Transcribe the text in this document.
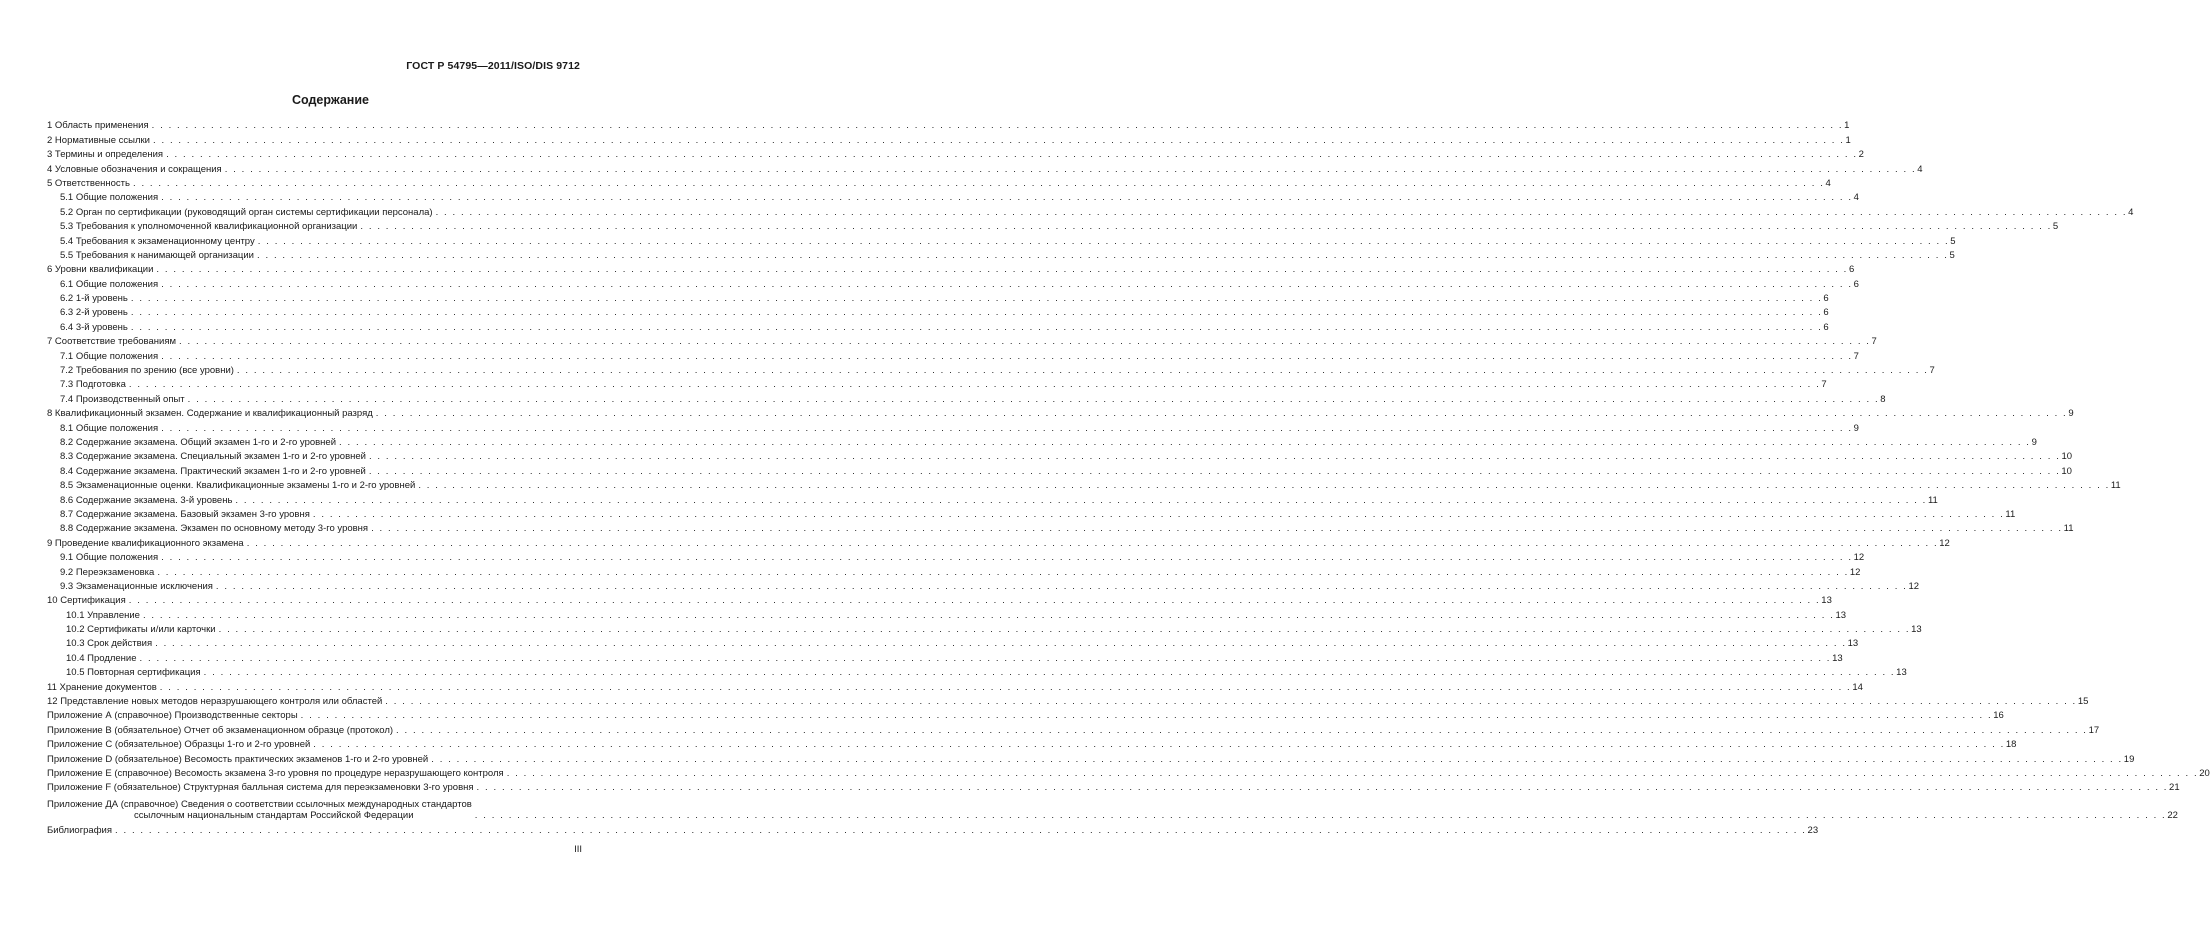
ГОСТ Р 54795—2011/ISO/DIS 9712
Содержание
1 Область применения . . . . . . . . . . . . . . . . . . . . . . . . . . . . . . . . . . . . . . . . . . . . . . . . . . . . . . . . . . . . . . . . . . . . . . . . . . . . . . . . . . . . . . . . . . . . . . . . . . . . . . . . . . . . . . . . . . . . . . . . . . . . . . . . . . . . . . . . . . . . . . . . . . . . . . . . . . . . . . . . . . . . . . . . . . . . . . . . . . . . . . . . . . . . . . . . . . . . . . . . 1
2 Нормативные ссылки . . . . . . . . . . . . . . . . . . . . . . . . . . . . . . . . . . . . . . . . . . . . . . . . . . . . . . . . . . . . . . . . . . . . . . . . . . . . . . . . . . . . . . . . . . . . . . . . . . . . . . . . . . . . . . . . . . . . . . . . . . . . . . . . . . . . . . . . . . . . . . . . . . . . . . . . . . . . . . . . . . . . . . . . . . . . . . . . . . . . . . . . . . . . . . . . . . . . . . . . 1
3 Термины и определения . . . . . . . . . . . . . . . . . . . . . . . . . . . . . . . . . . . . . . . . . . . . . . . . . . . . . . . . . . . . . . . . . . . . . . . . . . . . . . . . . . . . . . . . . . . . . . . . . . . . . . . . . . . . . . . . . . . . . . . . . . . . . . . . . . . . . . . . . . . . . . . . . . . . . . . . . . . . . . . . . . . . . . . . . . . . . . . . . . . . . . . . . . . . . . . . . . . . . . . . 2
4 Условные обозначения и сокращения . . . . . . . . . . . . . . . . . . . . . . . . . . . . . . . . . . . . . . . . . . . . . . . . . . . . . . . . . . . . . . . . . . . . . . . . . . . . . . . . . . . . . . . . . . . . . . . . . . . . . . . . . . . . . . . . . . . . . . . . . . . . . . . . . . . . . . . . . . . . . . . . . . . . . . . . . . . . . . . . . . . . . . . . . . . . . . . . . . . . . . . . . . . . . . . . . . . . . . . . 4
5 Ответственность . . . . . . . . . . . . . . . . . . . . . . . . . . . . . . . . . . . . . . . . . . . . . . . . . . . . . . . . . . . . . . . . . . . . . . . . . . . . . . . . . . . . . . . . . . . . . . . . . . . . . . . . . . . . . . . . . . . . . . . . . . . . . . . . . . . . . . . . . . . . . . . . . . . . . . . . . . . . . . . . . . . . . . . . . . . . . . . . . . . . . . . . . . . . . . . . . . . . . . . . 4
5.1 Общие положения . . . . . . . . . . . . . . . . . . . . . . . . . . . . . . . . . . . . . . . . . . . . . . . . . . . . . . . . . . . . . . . . . . . . . . . . . . . . . . . . . . . . . . . . . . . . . . . . . . . . . . . . . . . . . . . . . . . . . . . . . . . . . . . . . . . . . . . . . . . . . . . . . . . . . . . . . . . . . . . . . . . . . . . . . . . . . . . . . . . . . . . . . . . . . . . . . . . . . . . . 4
5.2 Орган по сертификации (руководящий орган системы сертификации персонала) . . . . . . . . . . . . . . . . . . . . . . . . . . . . . . . . . . . . . . . . . . . . . . . . . . . . . . . . . . . . . . . . . . . . . . . . . . . . . . . . . . . . . . . . . . . . . . . . . . . . . . . . . . . . . . . . . . . . . . . . . . . . . . . . . . . . . . . . . . . . . . . . . . . . . . . . . . . . . . . . . . . . . . . . . . . . . . . . . . . . . . . . . . . . . . . . . . . . . . . . 4
5.3 Требования к уполномоченной квалификационной организации . . . . . . . . . . . . . . . . . . . . . . . . . . . . . . . . . . . . . . . . . . . . . . . . . . . . . . . . . . . . . . . . . . . . . . . . . . . . . . . . . . . . . . . . . . . . . . . . . . . . . . . . . . . . . . . . . . . . . . . . . . . . . . . . . . . . . . . . . . . . . . . . . . . . . . . . . . . . . . . . . . . . . . . . . . . . . . . . . . . . . . . . . . . . . . . . . . . . . . . . 5
5.4 Требования к экзаменационному центру . . . . . . . . . . . . . . . . . . . . . . . . . . . . . . . . . . . . . . . . . . . . . . . . . . . . . . . . . . . . . . . . . . . . . . . . . . . . . . . . . . . . . . . . . . . . . . . . . . . . . . . . . . . . . . . . . . . . . . . . . . . . . . . . . . . . . . . . . . . . . . . . . . . . . . . . . . . . . . . . . . . . . . . . . . . . . . . . . . . . . . . . . . . . . . . . . . . . . . . . 5
5.5 Требования к нанимающей организации . . . . . . . . . . . . . . . . . . . . . . . . . . . . . . . . . . . . . . . . . . . . . . . . . . . . . . . . . . . . . . . . . . . . . . . . . . . . . . . . . . . . . . . . . . . . . . . . . . . . . . . . . . . . . . . . . . . . . . . . . . . . . . . . . . . . . . . . . . . . . . . . . . . . . . . . . . . . . . . . . . . . . . . . . . . . . . . . . . . . . . . . . . . . . . . . . . . . . . . . 5
6 Уровни квалификации . . . . . . . . . . . . . . . . . . . . . . . . . . . . . . . . . . . . . . . . . . . . . . . . . . . . . . . . . . . . . . . . . . . . . . . . . . . . . . . . . . . . . . . . . . . . . . . . . . . . . . . . . . . . . . . . . . . . . . . . . . . . . . . . . . . . . . . . . . . . . . . . . . . . . . . . . . . . . . . . . . . . . . . . . . . . . . . . . . . . . . . . . . . . . . . . . . . . . . . . 6
6.1 Общие положения . . . . . . . . . . . . . . . . . . . . . . . . . . . . . . . . . . . . . . . . . . . . . . . . . . . . . . . . . . . . . . . . . . . . . . . . . . . . . . . . . . . . . . . . . . . . . . . . . . . . . . . . . . . . . . . . . . . . . . . . . . . . . . . . . . . . . . . . . . . . . . . . . . . . . . . . . . . . . . . . . . . . . . . . . . . . . . . . . . . . . . . . . . . . . . . . . . . . . . . . 6
6.2 1-й уровень . . . . . . . . . . . . . . . . . . . . . . . . . . . . . . . . . . . . . . . . . . . . . . . . . . . . . . . . . . . . . . . . . . . . . . . . . . . . . . . . . . . . . . . . . . . . . . . . . . . . . . . . . . . . . . . . . . . . . . . . . . . . . . . . . . . . . . . . . . . . . . . . . . . . . . . . . . . . . . . . . . . . . . . . . . . . . . . . . . . . . . . . . . . . . . . . . . . . . . . . 6
6.3 2-й уровень . . . . . . . . . . . . . . . . . . . . . . . . . . . . . . . . . . . . . . . . . . . . . . . . . . . . . . . . . . . . . . . . . . . . . . . . . . . . . . . . . . . . . . . . . . . . . . . . . . . . . . . . . . . . . . . . . . . . . . . . . . . . . . . . . . . . . . . . . . . . . . . . . . . . . . . . . . . . . . . . . . . . . . . . . . . . . . . . . . . . . . . . . . . . . . . . . . . . . . . . 6
6.4 3-й уровень . . . . . . . . . . . . . . . . . . . . . . . . . . . . . . . . . . . . . . . . . . . . . . . . . . . . . . . . . . . . . . . . . . . . . . . . . . . . . . . . . . . . . . . . . . . . . . . . . . . . . . . . . . . . . . . . . . . . . . . . . . . . . . . . . . . . . . . . . . . . . . . . . . . . . . . . . . . . . . . . . . . . . . . . . . . . . . . . . . . . . . . . . . . . . . . . . . . . . . . . 6
7 Соответствие требованиям . . . . . . . . . . . . . . . . . . . . . . . . . . . . . . . . . . . . . . . . . . . . . . . . . . . . . . . . . . . . . . . . . . . . . . . . . . . . . . . . . . . . . . . . . . . . . . . . . . . . . . . . . . . . . . . . . . . . . . . . . . . . . . . . . . . . . . . . . . . . . . . . . . . . . . . . . . . . . . . . . . . . . . . . . . . . . . . . . . . . . . . . . . . . . . . . . . . . . . . . 7
7.1 Общие положения . . . . . . . . . . . . . . . . . . . . . . . . . . . . . . . . . . . . . . . . . . . . . . . . . . . . . . . . . . . . . . . . . . . . . . . . . . . . . . . . . . . . . . . . . . . . . . . . . . . . . . . . . . . . . . . . . . . . . . . . . . . . . . . . . . . . . . . . . . . . . . . . . . . . . . . . . . . . . . . . . . . . . . . . . . . . . . . . . . . . . . . . . . . . . . . . . . . . . . . . 7
7.2 Требования по зрению (все уровни) . . . . . . . . . . . . . . . . . . . . . . . . . . . . . . . . . . . . . . . . . . . . . . . . . . . . . . . . . . . . . . . . . . . . . . . . . . . . . . . . . . . . . . . . . . . . . . . . . . . . . . . . . . . . . . . . . . . . . . . . . . . . . . . . . . . . . . . . . . . . . . . . . . . . . . . . . . . . . . . . . . . . . . . . . . . . . . . . . . . . . . . . . . . . . . . . . . . . . . . . 7
7.3 Подготовка . . . . . . . . . . . . . . . . . . . . . . . . . . . . . . . . . . . . . . . . . . . . . . . . . . . . . . . . . . . . . . . . . . . . . . . . . . . . . . . . . . . . . . . . . . . . . . . . . . . . . . . . . . . . . . . . . . . . . . . . . . . . . . . . . . . . . . . . . . . . . . . . . . . . . . . . . . . . . . . . . . . . . . . . . . . . . . . . . . . . . . . . . . . . . . . . . . . . . . . . 7
7.4 Производственный опыт . . . . . . . . . . . . . . . . . . . . . . . . . . . . . . . . . . . . . . . . . . . . . . . . . . . . . . . . . . . . . . . . . . . . . . . . . . . . . . . . . . . . . . . . . . . . . . . . . . . . . . . . . . . . . . . . . . . . . . . . . . . . . . . . . . . . . . . . . . . . . . . . . . . . . . . . . . . . . . . . . . . . . . . . . . . . . . . . . . . . . . . . . . . . . . . . . . . . . . . . 8
8 Квалификационный экзамен. Содержание и квалификационный разряд . . . . . . . . . . . . . . . . . . . . . . . . . . . . . . . . . . . . . . . . . . . . . . . . . . . . . . . . . . . . . . . . . . . . . . . . . . . . . . . . . . . . . . . . . . . . . . . . . . . . . . . . . . . . . . . . . . . . . . . . . . . . . . . . . . . . . . . . . . . . . . . . . . . . . . . . . . . . . . . . . . . . . . . . . . . . . . . . . . . . . . . . . . . . . . . . . . . . . . . . 9
8.1 Общие положения . . . . . . . . . . . . . . . . . . . . . . . . . . . . . . . . . . . . . . . . . . . . . . . . . . . . . . . . . . . . . . . . . . . . . . . . . . . . . . . . . . . . . . . . . . . . . . . . . . . . . . . . . . . . . . . . . . . . . . . . . . . . . . . . . . . . . . . . . . . . . . . . . . . . . . . . . . . . . . . . . . . . . . . . . . . . . . . . . . . . . . . . . . . . . . . . . . . . . . . . 9
8.2 Содержание экзамена. Общий экзамен 1-го и 2-го уровней . . . . . . . . . . . . . . . . . . . . . . . . . . . . . . . . . . . . . . . . . . . . . . . . . . . . . . . . . . . . . . . . . . . . . . . . . . . . . . . . . . . . . . . . . . . . . . . . . . . . . . . . . . . . . . . . . . . . . . . . . . . . . . . . . . . . . . . . . . . . . . . . . . . . . . . . . . . . . . . . . . . . . . . . . . . . . . . . . . . . . . . . . . . . . . . . . . . . . . . . 9
8.3 Содержание экзамена. Специальный экзамен 1-го и 2-го уровней . . . . . . . . . . . . . . . . . . . . . . . . . . . . . . . . . . . . . . . . . . . . . . . . . . . . . . . . . . . . . . . . . . . . . . . . . . . . . . . . . . . . . . . . . . . . . . . . . . . . . . . . . . . . . . . . . . . . . . . . . . . . . . . . . . . . . . . . . . . . . . . . . . . . . . . . . . . . . . . . . . . . . . . . . . . . . . . . . . . . . . . . . . . . . . . . . . . . . . . . 10
8.4 Содержание экзамена. Практический экзамен 1-го и 2-го уровней . . . . . . . . . . . . . . . . . . . . . . . . . . . . . . . . . . . . . . . . . . . . . . . . . . . . . . . . . . . . . . . . . . . . . . . . . . . . . . . . . . . . . . . . . . . . . . . . . . . . . . . . . . . . . . . . . . . . . . . . . . . . . . . . . . . . . . . . . . . . . . . . . . . . . . . . . . . . . . . . . . . . . . . . . . . . . . . . . . . . . . . . . . . . . . . . . . . . . . . . 10
8.5 Экзаменационные оценки. Квалификационные экзамены 1-го и 2-го уровней . . . . . . . . . . . . . . . . . . . . . . . . . . . . . . . . . . . . . . . . . . . . . . . . . . . . . . . . . . . . . . . . . . . . . . . . . . . . . . . . . . . . . . . . . . . . . . . . . . . . . . . . . . . . . . . . . . . . . . . . . . . . . . . . . . . . . . . . . . . . . . . . . . . . . . . . . . . . . . . . . . . . . . . . . . . . . . . . . . . . . . . . . . . . . . . . . . . . . . . . 11
8.6 Содержание экзамена. 3-й уровень . . . . . . . . . . . . . . . . . . . . . . . . . . . . . . . . . . . . . . . . . . . . . . . . . . . . . . . . . . . . . . . . . . . . . . . . . . . . . . . . . . . . . . . . . . . . . . . . . . . . . . . . . . . . . . . . . . . . . . . . . . . . . . . . . . . . . . . . . . . . . . . . . . . . . . . . . . . . . . . . . . . . . . . . . . . . . . . . . . . . . . . . . . . . . . . . . . . . . . . . 11
8.7 Содержание экзамена. Базовый экзамен 3-го уровня . . . . . . . . . . . . . . . . . . . . . . . . . . . . . . . . . . . . . . . . . . . . . . . . . . . . . . . . . . . . . . . . . . . . . . . . . . . . . . . . . . . . . . . . . . . . . . . . . . . . . . . . . . . . . . . . . . . . . . . . . . . . . . . . . . . . . . . . . . . . . . . . . . . . . . . . . . . . . . . . . . . . . . . . . . . . . . . . . . . . . . . . . . . . . . . . . . . . . . . . 11
8.8 Содержание экзамена. Экзамен по основному методу 3-го уровня . . . . . . . . . . . . . . . . . . . . . . . . . . . . . . . . . . . . . . . . . . . . . . . . . . . . . . . . . . . . . . . . . . . . . . . . . . . . . . . . . . . . . . . . . . . . . . . . . . . . . . . . . . . . . . . . . . . . . . . . . . . . . . . . . . . . . . . . . . . . . . . . . . . . . . . . . . . . . . . . . . . . . . . . . . . . . . . . . . . . . . . . . . . . . . . . . . . . . . . . 11
9 Проведение квалификационного экзамена . . . . . . . . . . . . . . . . . . . . . . . . . . . . . . . . . . . . . . . . . . . . . . . . . . . . . . . . . . . . . . . . . . . . . . . . . . . . . . . . . . . . . . . . . . . . . . . . . . . . . . . . . . . . . . . . . . . . . . . . . . . . . . . . . . . . . . . . . . . . . . . . . . . . . . . . . . . . . . . . . . . . . . . . . . . . . . . . . . . . . . . . . . . . . . . . . . . . . . . . 12
9.1 Общие положения . . . . . . . . . . . . . . . . . . . . . . . . . . . . . . . . . . . . . . . . . . . . . . . . . . . . . . . . . . . . . . . . . . . . . . . . . . . . . . . . . . . . . . . . . . . . . . . . . . . . . . . . . . . . . . . . . . . . . . . . . . . . . . . . . . . . . . . . . . . . . . . . . . . . . . . . . . . . . . . . . . . . . . . . . . . . . . . . . . . . . . . . . . . . . . . . . . . . . . . . 12
9.2 Переэкзаменовка . . . . . . . . . . . . . . . . . . . . . . . . . . . . . . . . . . . . . . . . . . . . . . . . . . . . . . . . . . . . . . . . . . . . . . . . . . . . . . . . . . . . . . . . . . . . . . . . . . . . . . . . . . . . . . . . . . . . . . . . . . . . . . . . . . . . . . . . . . . . . . . . . . . . . . . . . . . . . . . . . . . . . . . . . . . . . . . . . . . . . . . . . . . . . . . . . . . . . . . . 12
9.3 Экзаменационные исключения . . . . . . . . . . . . . . . . . . . . . . . . . . . . . . . . . . . . . . . . . . . . . . . . . . . . . . . . . . . . . . . . . . . . . . . . . . . . . . . . . . . . . . . . . . . . . . . . . . . . . . . . . . . . . . . . . . . . . . . . . . . . . . . . . . . . . . . . . . . . . . . . . . . . . . . . . . . . . . . . . . . . . . . . . . . . . . . . . . . . . . . . . . . . . . . . . . . . . . . . 12
10 Сертификация . . . . . . . . . . . . . . . . . . . . . . . . . . . . . . . . . . . . . . . . . . . . . . . . . . . . . . . . . . . . . . . . . . . . . . . . . . . . . . . . . . . . . . . . . . . . . . . . . . . . . . . . . . . . . . . . . . . . . . . . . . . . . . . . . . . . . . . . . . . . . . . . . . . . . . . . . . . . . . . . . . . . . . . . . . . . . . . . . . . . . . . . . . . . . . . . . . . . . . . . 13
10.1 Управление . . . . . . . . . . . . . . . . . . . . . . . . . . . . . . . . . . . . . . . . . . . . . . . . . . . . . . . . . . . . . . . . . . . . . . . . . . . . . . . . . . . . . . . . . . . . . . . . . . . . . . . . . . . . . . . . . . . . . . . . . . . . . . . . . . . . . . . . . . . . . . . . . . . . . . . . . . . . . . . . . . . . . . . . . . . . . . . . . . . . . . . . . . . . . . . . . . . . . . . . 13
10.2 Сертификаты и/или карточки . . . . . . . . . . . . . . . . . . . . . . . . . . . . . . . . . . . . . . . . . . . . . . . . . . . . . . . . . . . . . . . . . . . . . . . . . . . . . . . . . . . . . . . . . . . . . . . . . . . . . . . . . . . . . . . . . . . . . . . . . . . . . . . . . . . . . . . . . . . . . . . . . . . . . . . . . . . . . . . . . . . . . . . . . . . . . . . . . . . . . . . . . . . . . . . . . . . . . . . . 13
10.3 Срок действия . . . . . . . . . . . . . . . . . . . . . . . . . . . . . . . . . . . . . . . . . . . . . . . . . . . . . . . . . . . . . . . . . . . . . . . . . . . . . . . . . . . . . . . . . . . . . . . . . . . . . . . . . . . . . . . . . . . . . . . . . . . . . . . . . . . . . . . . . . . . . . . . . . . . . . . . . . . . . . . . . . . . . . . . . . . . . . . . . . . . . . . . . . . . . . . . . . . . . . . . 13
10.4 Продление . . . . . . . . . . . . . . . . . . . . . . . . . . . . . . . . . . . . . . . . . . . . . . . . . . . . . . . . . . . . . . . . . . . . . . . . . . . . . . . . . . . . . . . . . . . . . . . . . . . . . . . . . . . . . . . . . . . . . . . . . . . . . . . . . . . . . . . . . . . . . . . . . . . . . . . . . . . . . . . . . . . . . . . . . . . . . . . . . . . . . . . . . . . . . . . . . . . . . . . . 13
10.5 Повторная сертификация . . . . . . . . . . . . . . . . . . . . . . . . . . . . . . . . . . . . . . . . . . . . . . . . . . . . . . . . . . . . . . . . . . . . . . . . . . . . . . . . . . . . . . . . . . . . . . . . . . . . . . . . . . . . . . . . . . . . . . . . . . . . . . . . . . . . . . . . . . . . . . . . . . . . . . . . . . . . . . . . . . . . . . . . . . . . . . . . . . . . . . . . . . . . . . . . . . . . . . . . 13
11 Хранение документов . . . . . . . . . . . . . . . . . . . . . . . . . . . . . . . . . . . . . . . . . . . . . . . . . . . . . . . . . . . . . . . . . . . . . . . . . . . . . . . . . . . . . . . . . . . . . . . . . . . . . . . . . . . . . . . . . . . . . . . . . . . . . . . . . . . . . . . . . . . . . . . . . . . . . . . . . . . . . . . . . . . . . . . . . . . . . . . . . . . . . . . . . . . . . . . . . . . . . . . . 14
12 Представление новых методов неразрушающего контроля или областей . . . . . . . . . . . . . . . . . . . . . . . . . . . . . . . . . . . . . . . . . . . . . . . . . . . . . . . . . . . . . . . . . . . . . . . . . . . . . . . . . . . . . . . . . . . . . . . . . . . . . . . . . . . . . . . . . . . . . . . . . . . . . . . . . . . . . . . . . . . . . . . . . . . . . . . . . . . . . . . . . . . . . . . . . . . . . . . . . . . . . . . . . . . . . . . . . . . . . . . . 15
Приложение А (справочное) Производственные секторы . . . . . . . . . . . . . . . . . . . . . . . . . . . . . . . . . . . . . . . . . . . . . . . . . . . . . . . . . . . . . . . . . . . . . . . . . . . . . . . . . . . . . . . . . . . . . . . . . . . . . . . . . . . . . . . . . . . . . . . . . . . . . . . . . . . . . . . . . . . . . . . . . . . . . . . . . . . . . . . . . . . . . . . . . . . . . . . . . . . . . . . . . . . . . . . . . . . . . . . . 16
Приложение В (обязательное) Отчет об экзаменационном образце (протокол) . . . . . . . . . . . . . . . . . . . . . . . . . . . . . . . . . . . . . . . . . . . . . . . . . . . . . . . . . . . . . . . . . . . . . . . . . . . . . . . . . . . . . . . . . . . . . . . . . . . . . . . . . . . . . . . . . . . . . . . . . . . . . . . . . . . . . . . . . . . . . . . . . . . . . . . . . . . . . . . . . . . . . . . . . . . . . . . . . . . . . . . . . . . . . . . . . . . . . . . . 17
Приложение С (обязательное) Образцы 1-го и 2-го уровней . . . . . . . . . . . . . . . . . . . . . . . . . . . . . . . . . . . . . . . . . . . . . . . . . . . . . . . . . . . . . . . . . . . . . . . . . . . . . . . . . . . . . . . . . . . . . . . . . . . . . . . . . . . . . . . . . . . . . . . . . . . . . . . . . . . . . . . . . . . . . . . . . . . . . . . . . . . . . . . . . . . . . . . . . . . . . . . . . . . . . . . . . . . . . . . . . . . . . . . . 18
Приложение D (обязательное) Весомость практических экзаменов 1-го и 2-го уровней . . . . . . . . . . . . . . . . . . . . . . . . . . . . . . . . . . . . . . . . . . . . . . . . . . . . . . . . . . . . . . . . . . . . . . . . . . . . . . . . . . . . . . . . . . . . . . . . . . . . . . . . . . . . . . . . . . . . . . . . . . . . . . . . . . . . . . . . . . . . . . . . . . . . . . . . . . . . . . . . . . . . . . . . . . . . . . . . . . . . . . . . . . . . . . . . . . . . . . . . 19
Приложение Е (справочное) Весомость экзамена 3-го уровня по процедуре неразрушающего контроля . . . . . . . . . . . . . . . . . . . . . . . . . . . . . . . . . . . . . . . . . . . . . . . . . . . . . . . . . . . . . . . . . . . . . . . . . . . . . . . . . . . . . . . . . . . . . . . . . . . . . . . . . . . . . . . . . . . . . . . . . . . . . . . . . . . . . . . . . . . . . . . . . . . . . . . . . . . . . . . . . . . . . . . . . . . . . . . . . . . . . . . . . . . . . . . . . . . . . . . . 20
Приложение F (обязательное) Структурная балльная система для переэкзаменовки 3-го уровня . . . . . . . . . . . . . . . . . . . . . . . . . . . . . . . . . . . . . . . . . . . . . . . . . . . . . . . . . . . . . . . . . . . . . . . . . . . . . . . . . . . . . . . . . . . . . . . . . . . . . . . . . . . . . . . . . . . . . . . . . . . . . . . . . . . . . . . . . . . . . . . . . . . . . . . . . . . . . . . . . . . . . . . . . . . . . . . . . . . . . . . . . . . . . . . . . . . . . . . . 21
Приложение ДА (справочное) Сведения о соответствии ссылочных международных стандартов
ссылочным национальным стандартам Российской Федерации	. . . . . . . . . . . . . . . . . . . . . . . . . . . . . . . . . . . . . . . . . . . . . . . . . . . . . . . . . . . . . . . . . . . . . . . . . . . . . . . . . . . . . . . . . . . . . . . . . . . . . . . . . . . . . . . . . . . . . . . . . . . . . . . . . . . . . . . . . . . . . . . . . . . . . . . . . . . . . . . . . . . . . . . . . . . . . . . . . . . . . . . . . . . . . . . . . . . . . . . . 22
Библиография . . . . . . . . . . . . . . . . . . . . . . . . . . . . . . . . . . . . . . . . . . . . . . . . . . . . . . . . . . . . . . . . . . . . . . . . . . . . . . . . . . . . . . . . . . . . . . . . . . . . . . . . . . . . . . . . . . . . . . . . . . . . . . . . . . . . . . . . . . . . . . . . . . . . . . . . . . . . . . . . . . . . . . . . . . . . . . . . . . . . . . . . . . . . . . . . . . . . . . . . 23
III
